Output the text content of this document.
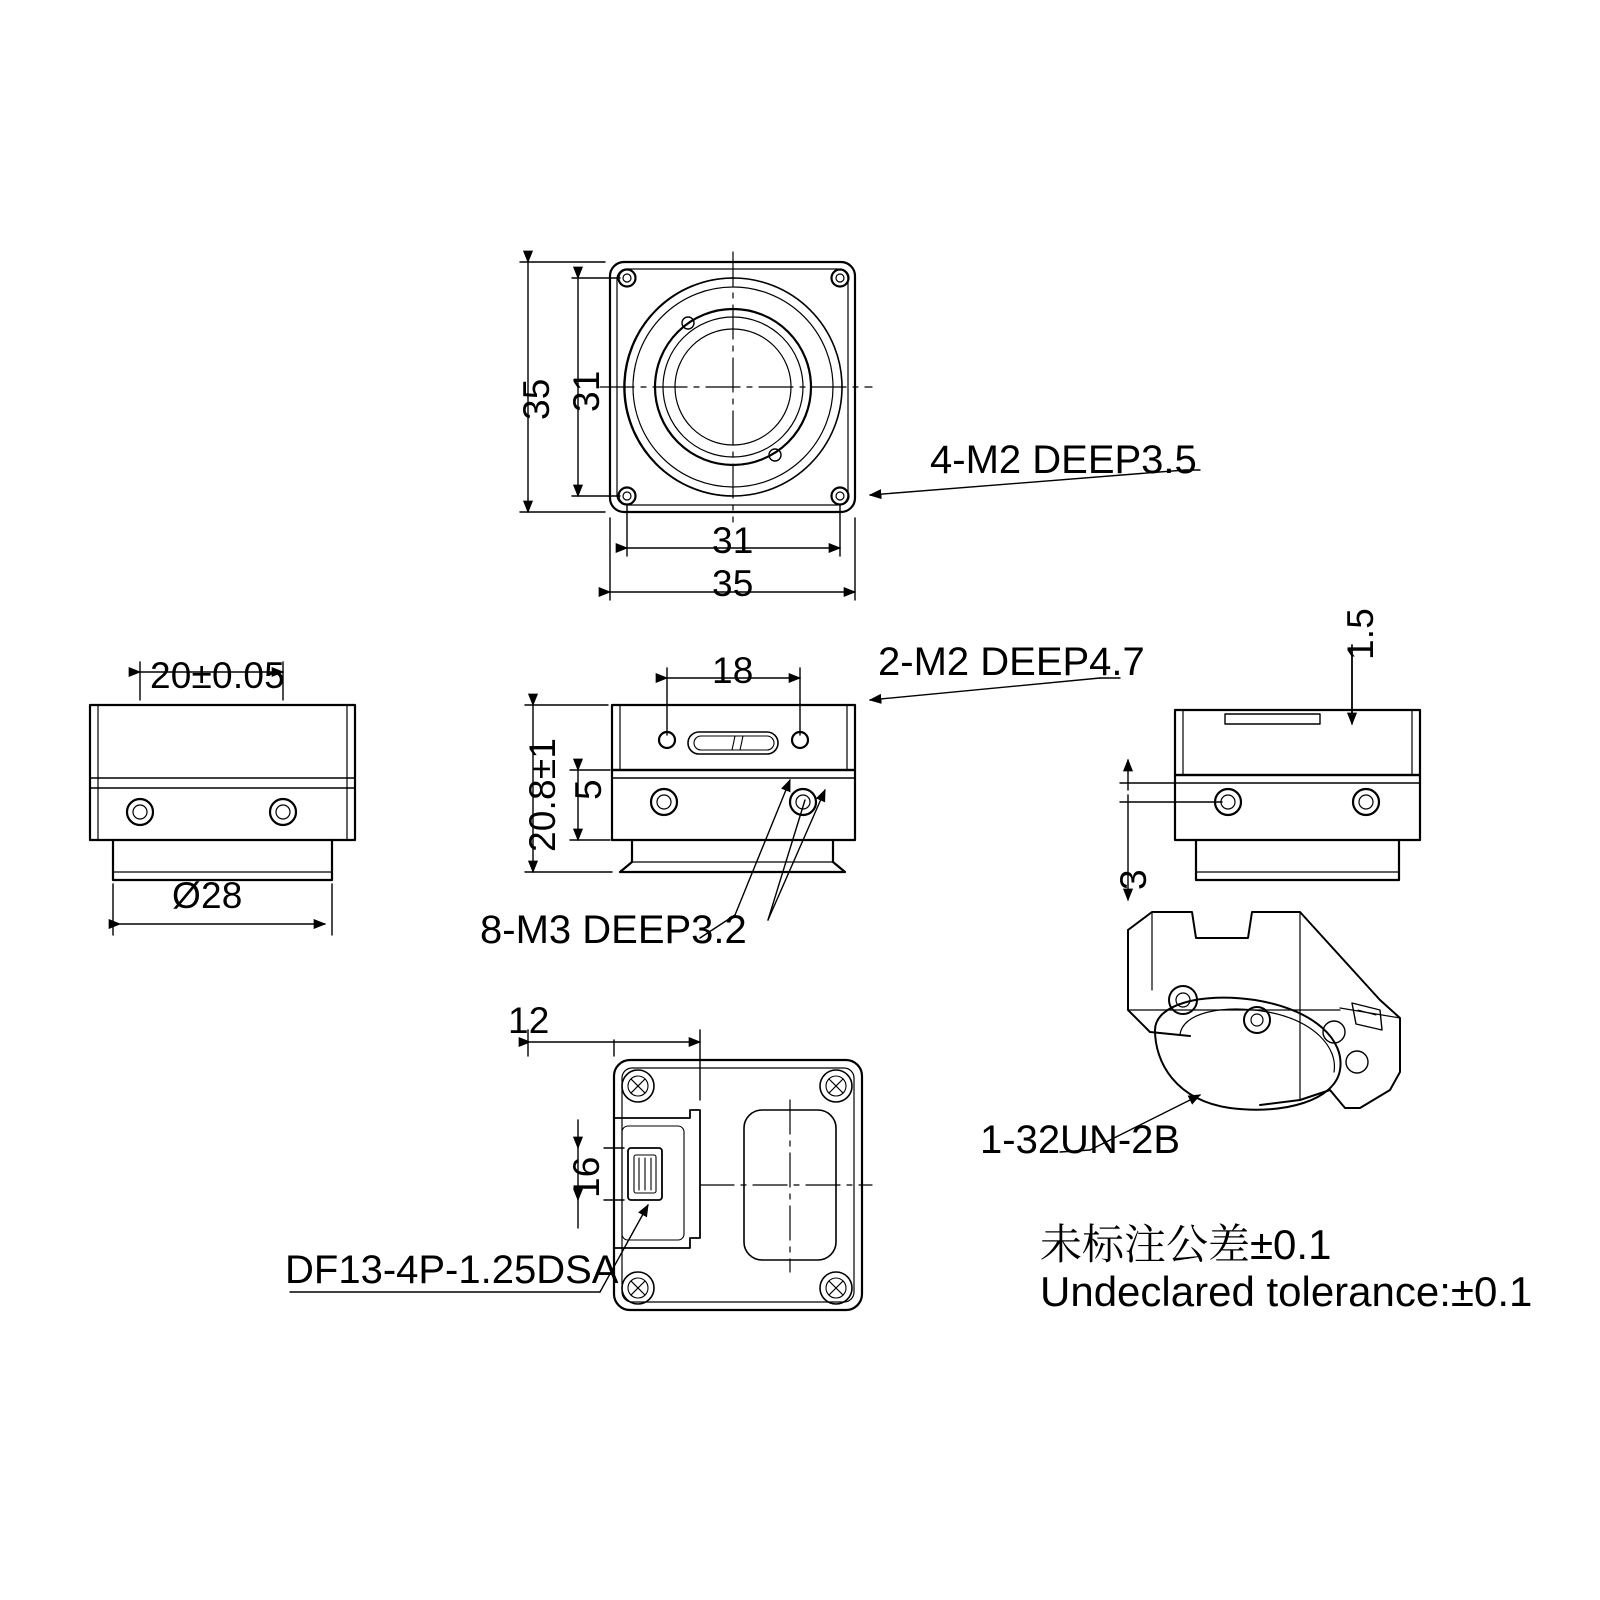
35 31
31
35
4-M2 DEEP3.5
20±0.05
Ø28
18
20.8±1 5
2-M2 DEEP4.7
8-M3 DEEP3.2
1.5
3
1-32UN-2B
12
16
DF13-4P-1.25DSA
未标注公差±0.1
Undeclared tolerance:±0.1
